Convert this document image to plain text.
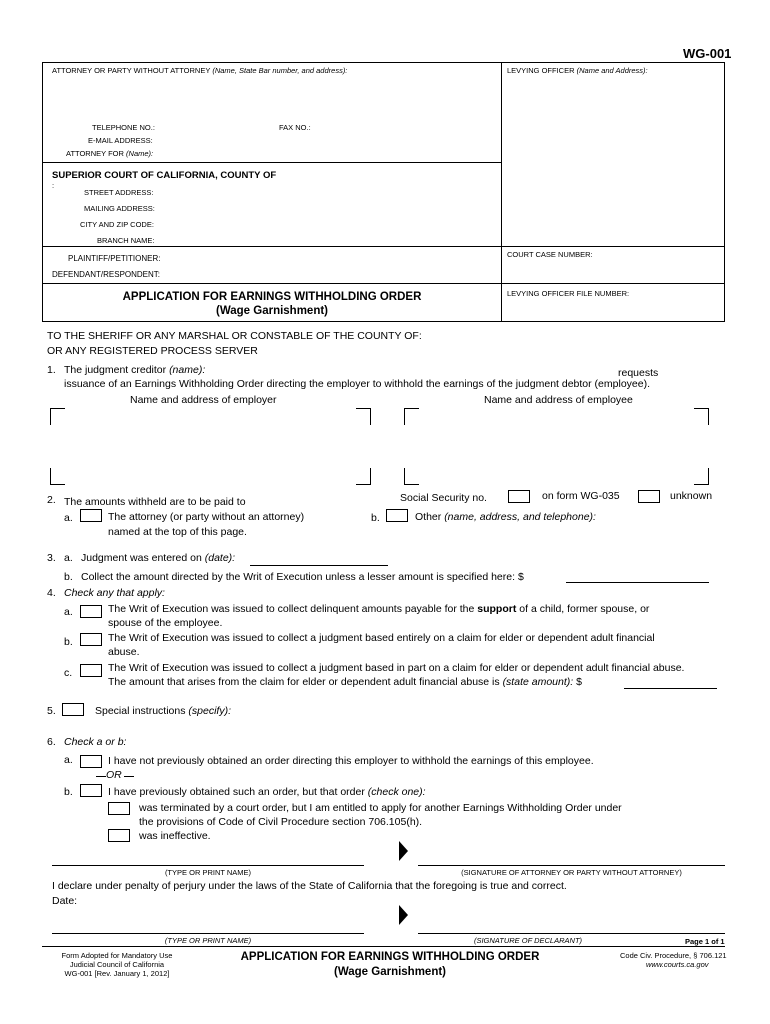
WG-001
ATTORNEY OR PARTY WITHOUT ATTORNEY (Name, State Bar number, and address):	LEVYING OFFICER (Name and Address):
TELEPHONE NO.:	FAX NO.:
E-MAIL ADDRESS:
ATTORNEY FOR (Name):
SUPERIOR COURT OF CALIFORNIA, COUNTY OF
:
STREET ADDRESS:
MAILING ADDRESS:
CITY AND ZIP CODE:
BRANCH NAME:
PLAINTIFF/PETITIONER:
DEFENDANT/RESPONDENT:
COURT CASE NUMBER:
APPLICATION FOR EARNINGS WITHHOLDING ORDER
(Wage Garnishment)
LEVYING OFFICER FILE NUMBER:
TO THE SHERIFF OR ANY MARSHAL OR CONSTABLE OF THE COUNTY OF:
OR ANY REGISTERED PROCESS SERVER
1. The judgment creditor (name):	requests
issuance of an Earnings Withholding Order directing the employer to withhold the earnings of the judgment debtor (employee).
Name and address of employer	Name and address of employee
2. The amounts withheld are to be paid to	Social Security no.	on form WG-035	unknown
a.	The attorney (or party without an attorney)
named at the top of this page.
b.	Other (name, address, and telephone):
3. a. Judgment was entered on (date):
b. Collect the amount directed by the Writ of Execution unless a lesser amount is specified here: $
4. Check any that apply:
a.	The Writ of Execution was issued to collect delinquent amounts payable for the support of a child, former spouse, or
spouse of the employee.
b.	The Writ of Execution was issued to collect a judgment based entirely on a claim for elder or dependent adult financial
abuse.
c.	The Writ of Execution was issued to collect a judgment based in part on a claim for elder or dependent adult financial abuse.
The amount that arises from the claim for elder or dependent adult financial abuse is (state amount): $
5.	Special instructions (specify):
6. Check a or b:
a.	I have not previously obtained an order directing this employer to withhold the earnings of this employee.
OR
b.	I have previously obtained such an order, but that order (check one):
was terminated by a court order, but I am entitled to apply for another Earnings Withholding Order under
the provisions of Code of Civil Procedure section 706.105(h).
was ineffective.
(TYPE OR PRINT NAME)	(SIGNATURE OF ATTORNEY OR PARTY WITHOUT ATTORNEY)
I declare under penalty of perjury under the laws of the State of California that the foregoing is true and correct.
Date:
(TYPE OR PRINT NAME)	(SIGNATURE OF DECLARANT)	Page 1 of 1
Form Adopted for Mandatory Use
Judicial Council of California
WG-001 [Rev. January 1, 2012]
APPLICATION FOR EARNINGS WITHHOLDING ORDER
(Wage Garnishment)
Code Civ. Procedure, § 706.121
www.courts.ca.gov
